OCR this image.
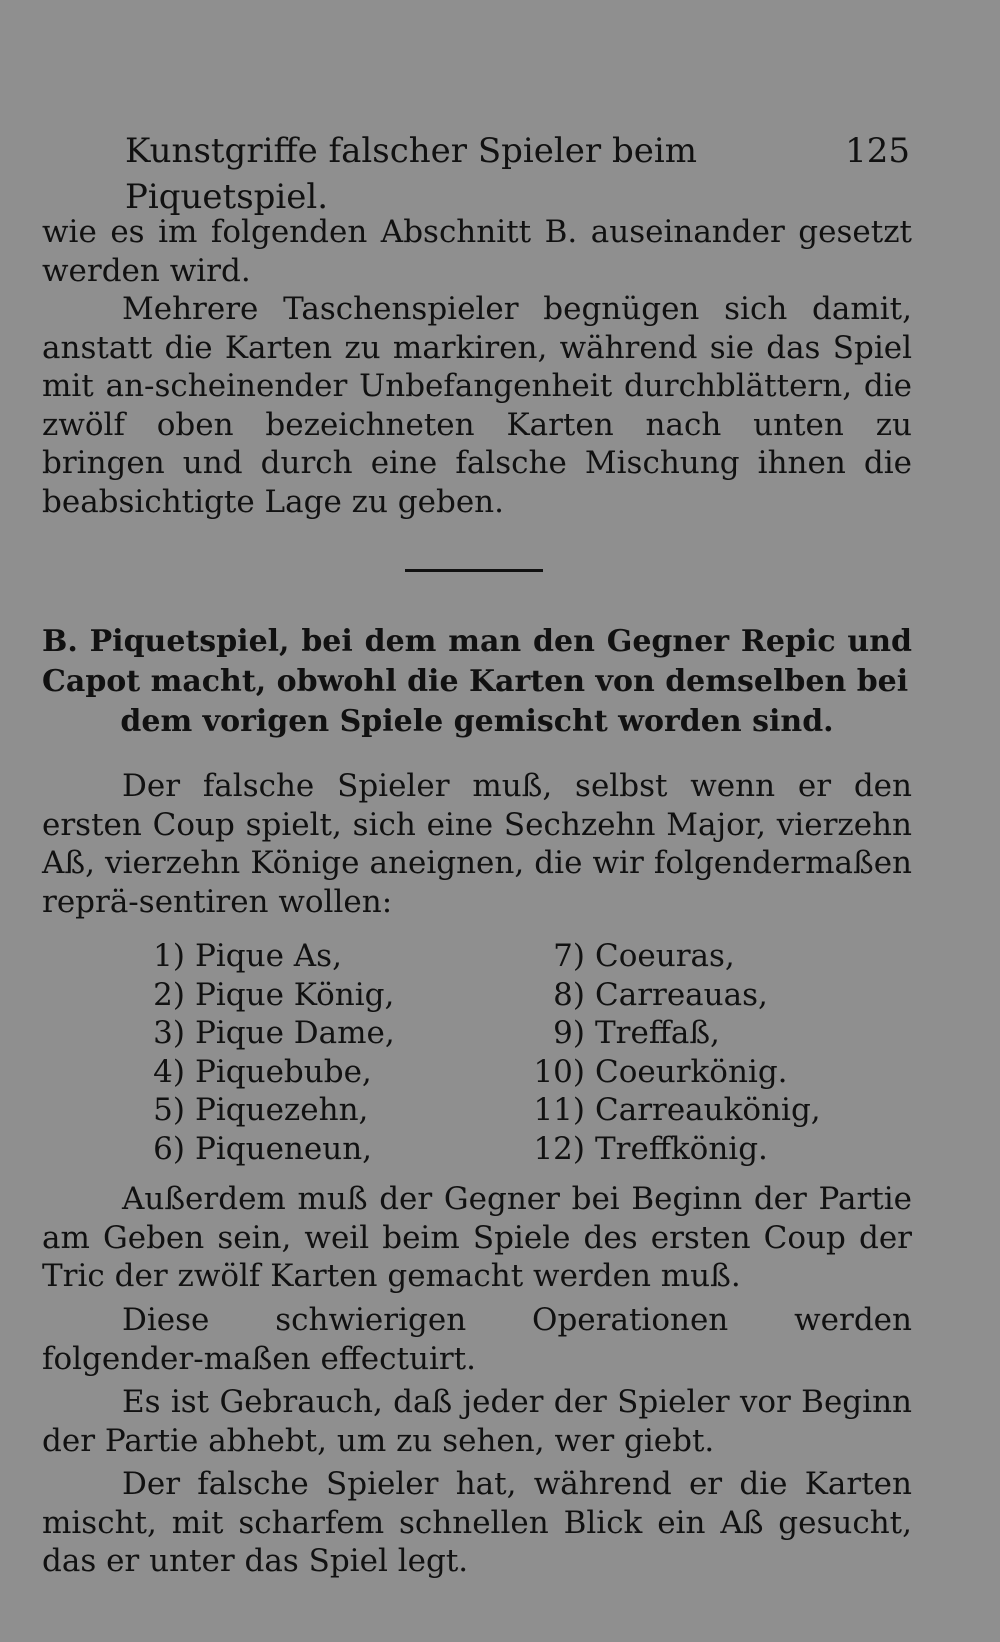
Kunstgriffe falscher Spieler beim Piquetspiel.
125

wie es im folgenden Abschnitt B. auseinander gesetzt werden wird.

Mehrere Taschenspieler begnügen sich damit, anstatt die Karten zu markiren, während sie das Spiel mit an-scheinender Unbefangenheit durchblättern, die zwölf oben bezeichneten Karten nach unten zu bringen und durch eine falsche Mischung ihnen die beabsichtigte Lage zu geben.

B. Piquetspiel, bei dem man den Gegner Repic und Capot macht, obwohl die Karten von demselben bei
dem vorigen Spiele gemischt worden sind.

Der falsche Spieler muß, selbst wenn er den ersten Coup spielt, sich eine Sechzehn Major, vierzehn Aß, vierzehn Könige aneignen, die wir folgendermaßen reprä-sentiren wollen:

1) Pique As,
2) Pique König,
3) Pique Dame,
4) Piquebube,
5) Piquezehn,
6) Piqueneun,
7) Coeuras,
8) Carreauas,
9) Treffaß,
10) Coeurkönig.
11) Carreaukönig,
12) Treffkönig.

Außerdem muß der Gegner bei Beginn der Partie am Geben sein, weil beim Spiele des ersten Coup der Tric der zwölf Karten gemacht werden muß.

Diese schwierigen Operationen werden folgender-maßen effectuirt.

Es ist Gebrauch, daß jeder der Spieler vor Beginn der Partie abhebt, um zu sehen, wer giebt.

Der falsche Spieler hat, während er die Karten mischt, mit scharfem schnellen Blick ein Aß gesucht, das er unter das Spiel legt.
